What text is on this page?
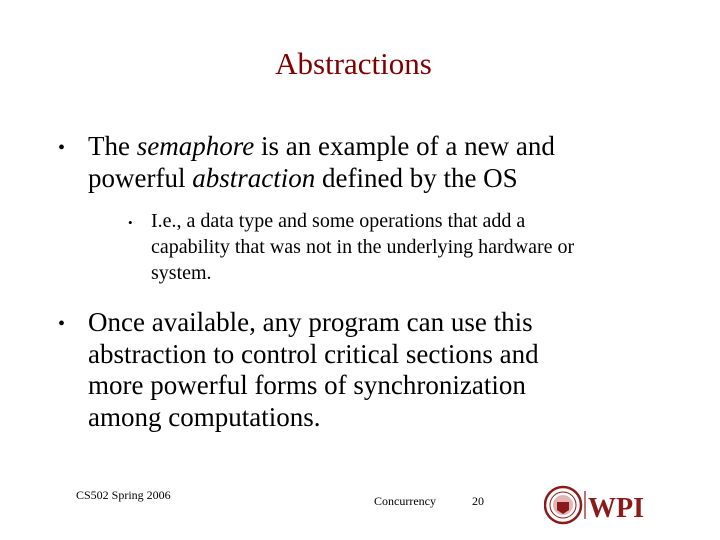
Abstractions
• The semaphore is an example of a new and
powerful abstraction defined by the OS
• I.e., a data type and some operations that add a
capability that was not in the underlying hardware or
system.
• Once available, any program can use this
abstraction to control critical sections and
more powerful forms of synchronization
among computations.
CS502 Spring 2006	Concurrency	20	WPI
